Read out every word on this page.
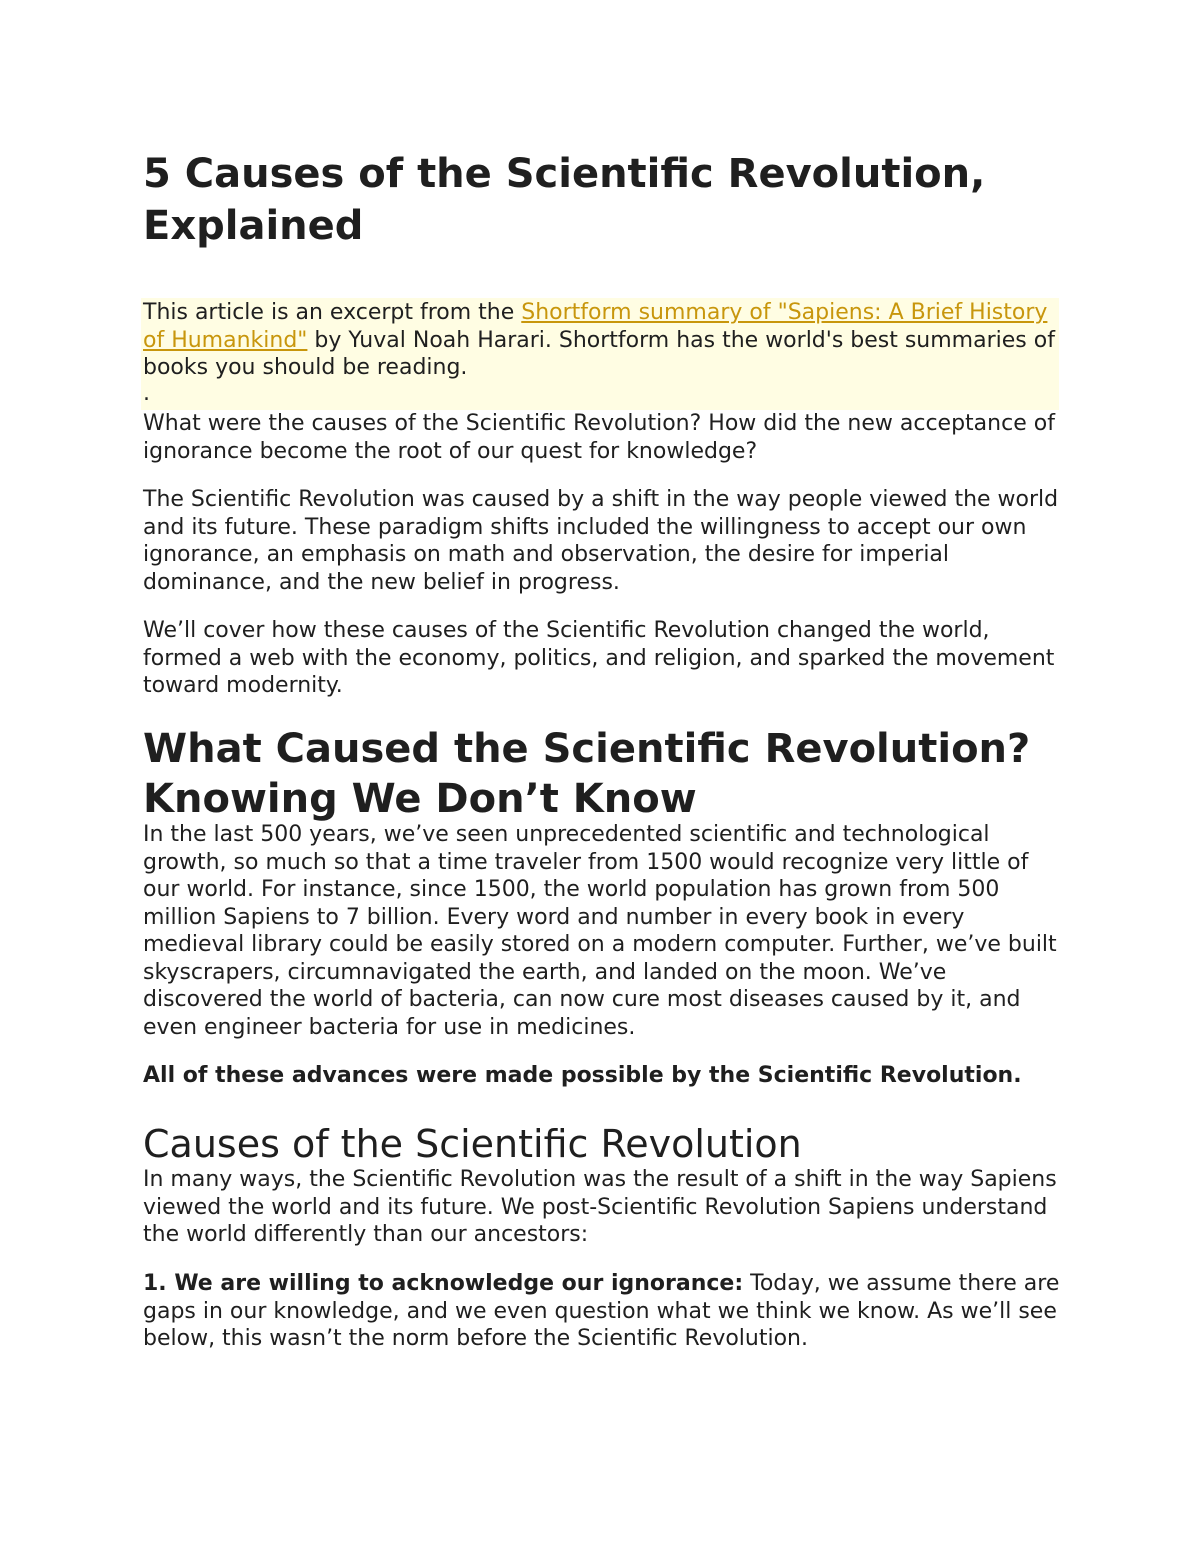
5 Causes of the Scientific Revolution, Explained

This article is an excerpt from the Shortform summary of "Sapiens: A Brief History of Humankind" by Yuval Noah Harari. Shortform has the world's best summaries of books you should be reading.

.

What were the causes of the Scientific Revolution? How did the new acceptance of ignorance become the root of our quest for knowledge?

The Scientific Revolution was caused by a shift in the way people viewed the world and its future. These paradigm shifts included the willingness to accept our own ignorance, an emphasis on math and observation, the desire for imperial dominance, and the new belief in progress.

We’ll cover how these causes of the Scientific Revolution changed the world, formed a web with the economy, politics, and religion, and sparked the movement toward modernity.

What Caused the Scientific Revolution? Knowing We Don’t Know

In the last 500 years, we’ve seen unprecedented scientific and technological growth, so much so that a time traveler from 1500 would recognize very little of our world. For instance, since 1500, the world population has grown from 500 million Sapiens to 7 billion. Every word and number in every book in every medieval library could be easily stored on a modern computer. Further, we’ve built skyscrapers, circumnavigated the earth, and landed on the moon. We’ve discovered the world of bacteria, can now cure most diseases caused by it, and even engineer bacteria for use in medicines.

All of these advances were made possible by the Scientific Revolution.

Causes of the Scientific Revolution

In many ways, the Scientific Revolution was the result of a shift in the way Sapiens viewed the world and its future. We post-Scientific Revolution Sapiens understand the world differently than our ancestors:

1. We are willing to acknowledge our ignorance: Today, we assume there are gaps in our knowledge, and we even question what we think we know. As we’ll see below, this wasn’t the norm before the Scientific Revolution.
